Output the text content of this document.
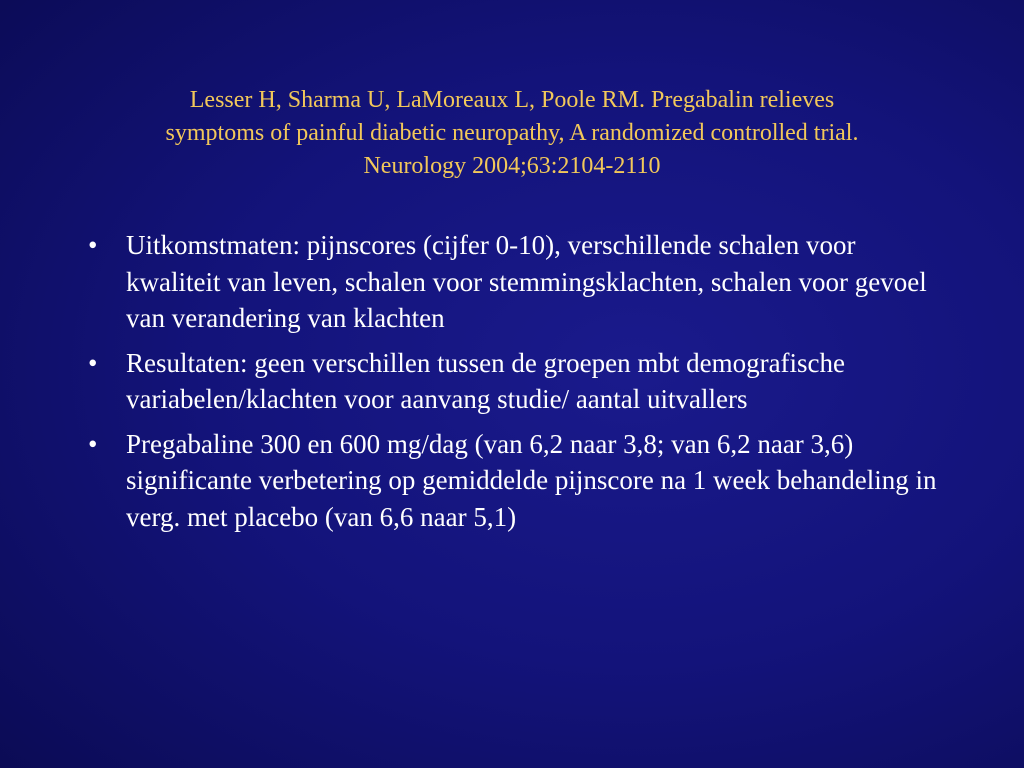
Lesser H, Sharma U, LaMoreaux L, Poole RM. Pregabalin relieves
symptoms of painful diabetic neuropathy, A randomized controlled trial.
Neurology 2004;63:2104-2110
• Uitkomstmaten: pijnscores (cijfer 0-10), verschillende schalen voor kwaliteit van leven, schalen voor stemmingsklachten, schalen voor gevoel van verandering van klachten
• Resultaten: geen verschillen tussen de groepen mbt demografische variabelen/klachten voor aanvang studie/ aantal uitvallers
• Pregabaline 300 en 600 mg/dag (van 6,2 naar 3,8; van 6,2 naar 3,6) significante verbetering op gemiddelde pijnscore na 1 week behandeling in verg. met placebo (van 6,6 naar 5,1)
